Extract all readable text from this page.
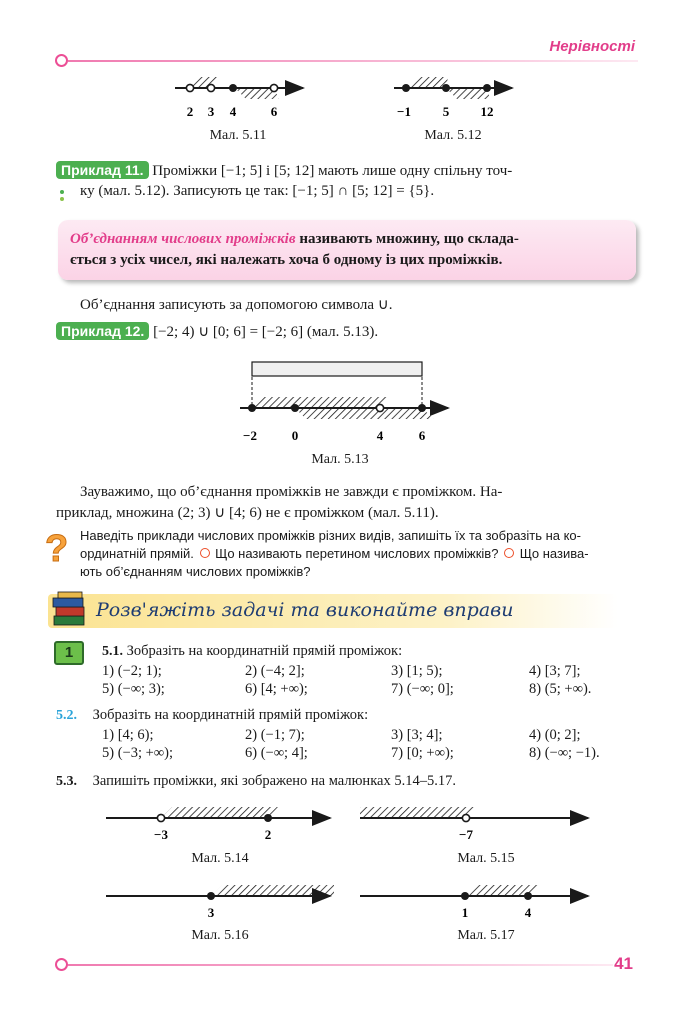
Нерівності
2 3 4	6
Мал. 5.11
−1 5 12
Мал. 5.12
Приклад 11. Проміжки [−1; 5] і [5; 12] мають лише одну спільну точ-
ку (мал. 5.12). Записують це так: [−1; 5] ∩ [5; 12] = {5}.
Об’єднанням числових проміжків називають множину, що склада-
ється з усіх чисел, які належать хоча б одному із цих проміжків.
Об’єднання записують за допомогою символа ∪.
Приклад 12. [−2; 4) ∪ [0; 6] = [−2; 6] (мал. 5.13).
−2	0	4	6
Мал. 5.13
Зауважимо, що об’єднання проміжків не завжди є проміжком. На-
приклад, множина (2; 3) ∪ [4; 6) не є проміжком (мал. 5.11).
? Наведіть приклади числових проміжків різних видів, запишіть їх та зобразіть на ко-
ординатній прямій. Що називають перетином числових проміжків? Що назива-
ють об’єднанням числових проміжків?
Розв'яжіть задачі та виконайте вправи
1	5.1. Зобразіть на координатній прямій проміжок:
1) (−2; 1);	2) (−4; 2];	3) [1; 5);	4) [3; 7];
5) (−∞; 3);	6) [4; +∞);	7) (−∞; 0];	8) (5; +∞).
5.2. Зобразіть на координатній прямій проміжок:
1) [4; 6);	2) (−1; 7);	3) [3; 4];	4) (0; 2];
5) (−3; +∞);	6) (−∞; 4];	7) [0; +∞);	8) (−∞; −1).
5.3. Запишіть проміжки, які зображено на малюнках 5.14–5.17.
−3	2
Мал. 5.14
−7
Мал. 5.15
3
Мал. 5.16
1	4
Мал. 5.17
41
